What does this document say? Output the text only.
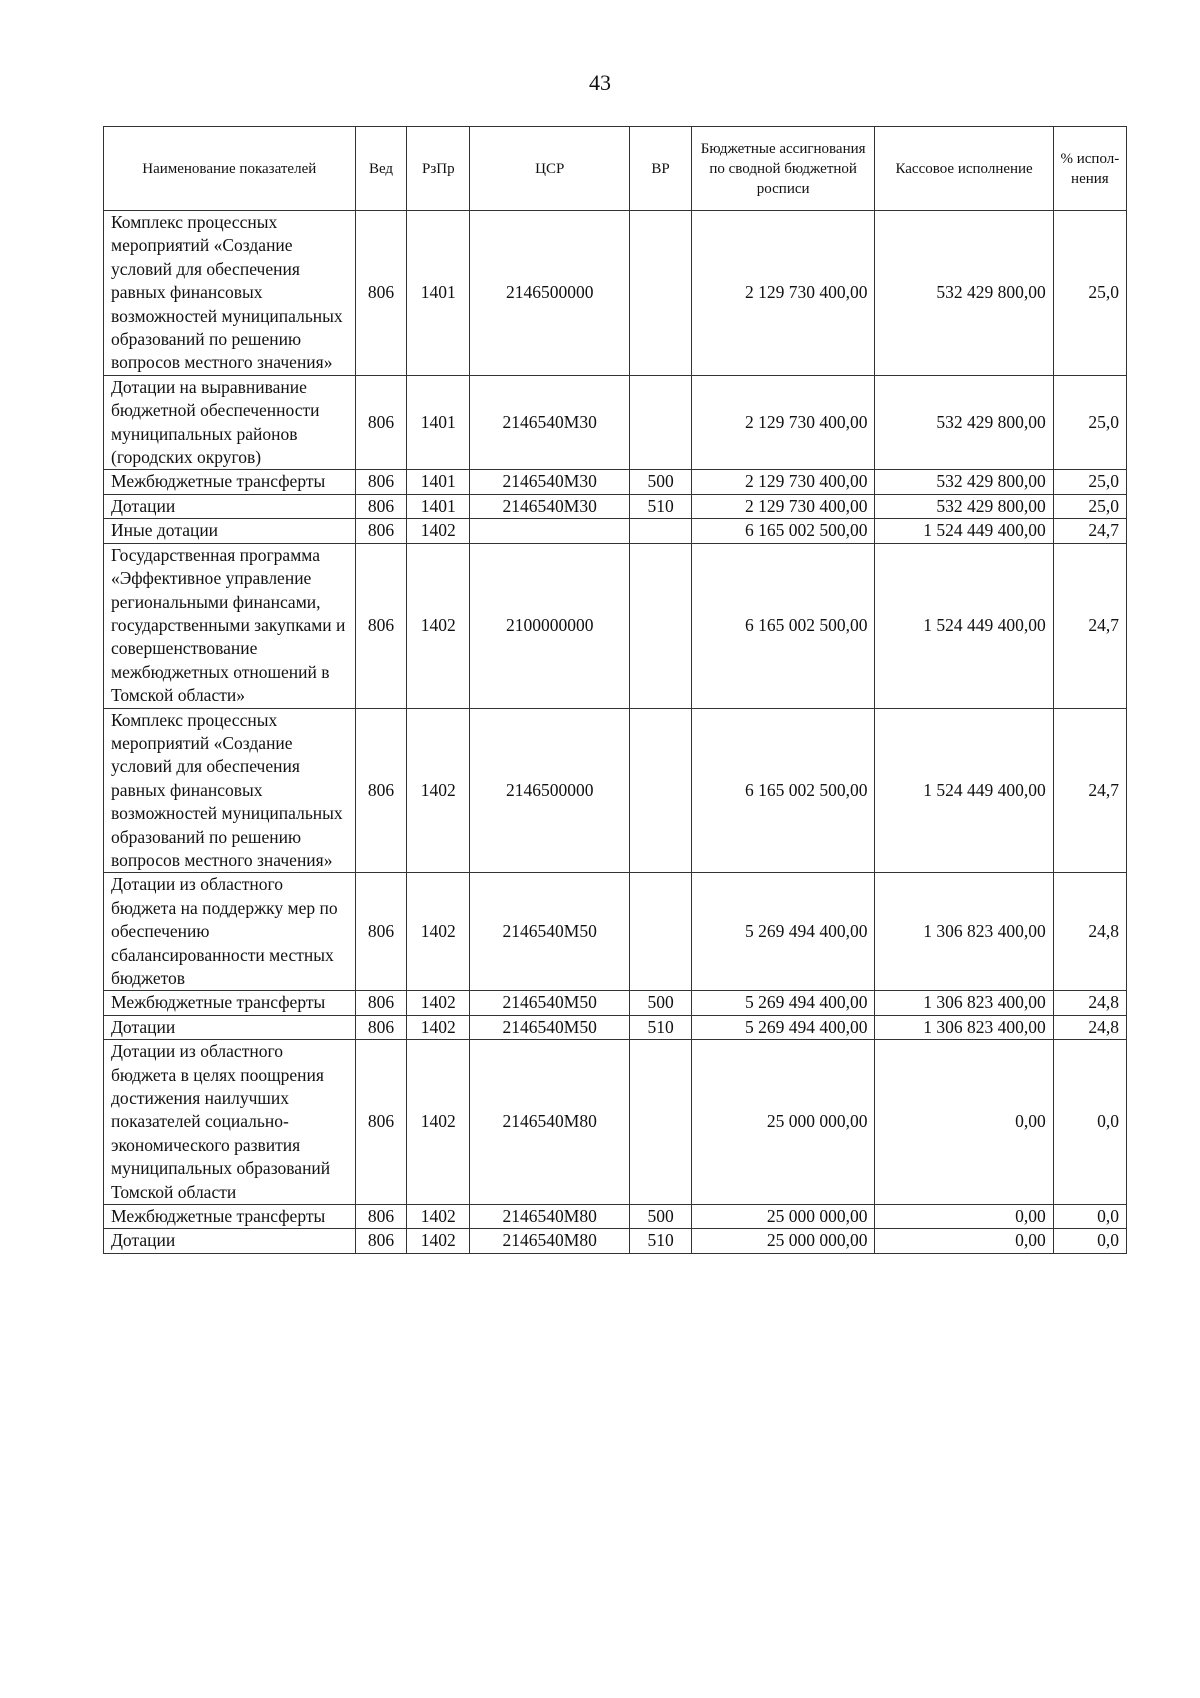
43
Наименование показателей	Вед	РзПр	ЦСР	ВР	Бюджетные ассигнования по сводной бюджетной росписи	Кассовое исполнение	% испол-нения
Комплекс процессных мероприятий «Создание условий для обеспечения равных финансовых возможностей муниципальных образований по решению вопросов местного значения»	806	1401	2146500000		2 129 730 400,00	532 429 800,00	25,0
Дотации на выравнивание бюджетной обеспеченности муниципальных районов (городских округов)	806	1401	2146540M30		2 129 730 400,00	532 429 800,00	25,0
Межбюджетные трансферты	806	1401	2146540M30	500	2 129 730 400,00	532 429 800,00	25,0
Дотации	806	1401	2146540M30	510	2 129 730 400,00	532 429 800,00	25,0
Иные дотации	806	1402			6 165 002 500,00	1 524 449 400,00	24,7
Государственная программа «Эффективное управление региональными финансами, государственными закупками и совершенствование межбюджетных отношений в Томской области»	806	1402	2100000000		6 165 002 500,00	1 524 449 400,00	24,7
Комплекс процессных мероприятий «Создание условий для обеспечения равных финансовых возможностей муниципальных образований по решению вопросов местного значения»	806	1402	2146500000		6 165 002 500,00	1 524 449 400,00	24,7
Дотации из областного бюджета на поддержку мер по обеспечению сбалансированности местных бюджетов	806	1402	2146540M50		5 269 494 400,00	1 306 823 400,00	24,8
Межбюджетные трансферты	806	1402	2146540M50	500	5 269 494 400,00	1 306 823 400,00	24,8
Дотации	806	1402	2146540M50	510	5 269 494 400,00	1 306 823 400,00	24,8
Дотации из областного бюджета в целях поощрения достижения наилучших показателей социально-экономического развития муниципальных образований Томской области	806	1402	2146540M80		25 000 000,00	0,00	0,0
Межбюджетные трансферты	806	1402	2146540M80	500	25 000 000,00	0,00	0,0
Дотации	806	1402	2146540M80	510	25 000 000,00	0,00	0,0
